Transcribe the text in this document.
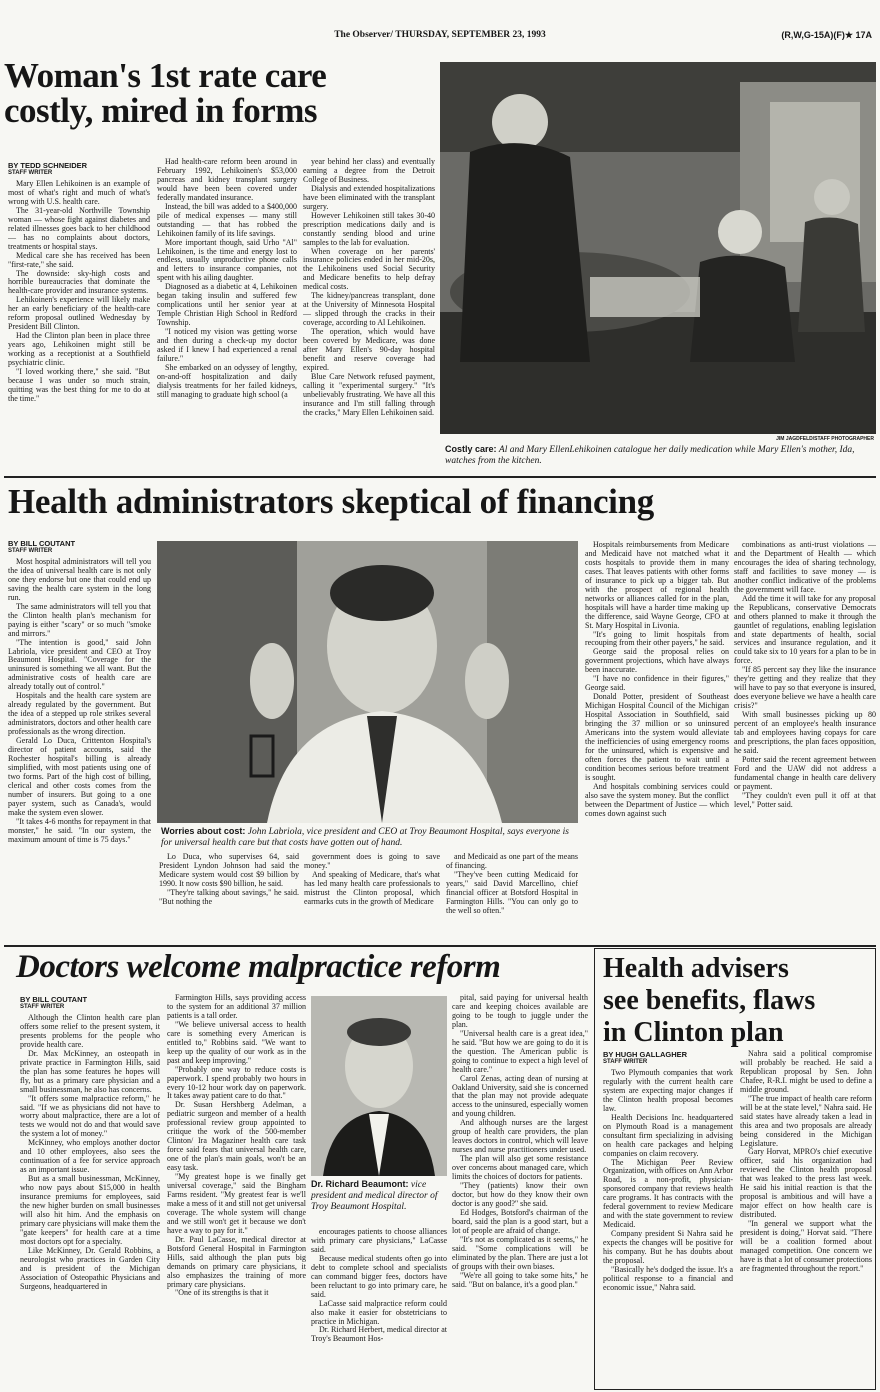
The Observer/ THURSDAY, SEPTEMBER 23, 1993	(R,W,G-15A)(F)★ 17A
Woman's 1st rate care
costly, mired in forms
BY TEDD SCHNEIDER
STAFF WRITER

Mary Ellen Lehikoinen is an example of most of what's right and much of what's wrong with U.S. health care.

The 31-year-old Northville Township woman — whose fight against diabetes and related illnesses goes back to her childhood — has no complaints about doctors, treatments or hospital stays.

Medical care she has received has been "first-rate," she said.

The downside: sky-high costs and horrible bureaucracies that dominate the health-care provider and insurance systems.

Lehikoinen's experience will likely make her an early beneficiary of the health-care reform proposal outlined Wednesday by President Bill Clinton.

Had the Clinton plan been in place three years ago, Lehikoinen might still be working as a receptionist at a Southfield psychiatric clinic.

"I loved working there," she said. "But because I was under so much strain, quitting was the best thing for me to do at the time."

Had health-care reform been around in February 1992, Lehikoinen's $53,000 pancreas and kidney transplant surgery would have been been covered under federally mandated insurance.

Instead, the bill was added to a $400,000 pile of medical expenses — many still outstanding — that has robbed the Lehikoinen family of its life savings.

More important though, said Urho "Al" Lehikoinen, is the time and energy lost to endless, usually unproductive phone calls and letters to insurance companies, not spent with his ailing daughter.

Diagnosed as a diabetic at 4, Lehikoinen began taking insulin and suffered few complications until her senior year at Temple Christian High School in Redford Township.

"I noticed my vision was getting worse and then during a check-up my doctor asked if I knew I had experienced a renal failure."

She embarked on an odyssey of lengthy, on-and-off hospitalization and daily dialysis treatments for her failed kidneys, still managing to graduate high school (a

year behind her class) and eventually earning a degree from the Detroit College of Business.

Dialysis and extended hospitalizations have been eliminated with the transplant surgery.

However Lehikoinen still takes 30-40 prescription medications daily and is constantly sending blood and urine samples to the lab for evaluation.

When coverage on her parents' insurance policies ended in her mid-20s, the Lehikoinens used Social Security and Medicare benefits to help defray medical costs.

The kidney/pancreas transplant, done at the University of Minnesota Hospital — slipped through the cracks in their coverage, according to Al Lehikoinen.

The operation, which would have been covered by Medicare, was done after Mary Ellen's 90-day hospital benefit and reserve coverage had expired.

Blue Care Network refused payment, calling it "experimental surgery." "It's unbelievably frustrating. We have all this insurance and I'm still falling through the cracks," Mary Ellen Lehikoinen said.

JIM JAGDFELD/STAFF PHOTOGRAPHER
Costly care: Al and Mary EllenLehikoinen catalogue her daily medication while Mary Ellen's mother, Ida, watches from the kitchen.
Health administrators skeptical of financing
BY BILL COUTANT
STAFF WRITER

Most hospital administrators will tell you the idea of universal health care is not only one they endorse but one that could end up saving the health care system in the long run.

The same administrators will tell you that the Clinton health plan's mechanism for paying is either "scary" or so much "smoke and mirrors."

"The intention is good," said John Labriola, vice president and CEO at Troy Beaumont Hospital. "Coverage for the uninsured is something we all want. But the administrative costs of health care are already totally out of control."

Hospitals and the health care system are already regulated by the government. But the idea of a stepped up role strikes several administrators, doctors and other health care professionals as the wrong direction.

Gerald Lo Duca, Crittenton Hospital's director of patient accounts, said the Rochester hospital's billing is already simplified, with most patients using one of two forms. Part of the high cost of billing, clerical and other costs comes from the number of insurers. But going to a one payer system, such as Canada's, would make the system even slower.

"It takes 4-6 months for repayment in that monster," he said. "In our system, the maximum amount of time is 75 days."

Worries about cost: John Labriola, vice president and CEO at Troy Beaumont Hospital, says everyone is for universal health care but that costs have gotten out of hand.

Lo Duca, who supervises 64, said President Lyndon Johnson had said the Medicare system would cost $9 billion by 1990. It now costs $90 billion, he said.

"They're talking about savings," he said. "But nothing the

government does is going to save money."

And speaking of Medicare, that's what has led many health care professionals to mistrust the Clinton proposal, which earmarks cuts in the growth of Medicare

and Medicaid as one part of the means of financing.

"They've been cutting Medicaid for years," said David Marcellino, chief financial officer at Botsford Hospital in Farmington Hills. "You can only go to the well so often."

Hospitals reimbursements from Medicare and Medicaid have not matched what it costs hospitals to provide them in many cases. That leaves patients with other forms of insurance to pick up a bigger tab. But with the prospect of regional health networks or alliances called for in the plan, hospitals will have a harder time making up the difference, said Wayne George, CFO at St. Mary Hospital in Livonia.

"It's going to limit hospitals from recouping from their other payers," he said.

George said the proposal relies on government projections, which have always been inaccurate.

"I have no confidence in their figures," George said.

Donald Potter, president of Southeast Michigan Hospital Council of the Michigan Hospital Association in Southfield, said bringing the 37 million or so uninsured Americans into the system would alleviate the inefficiencies of using emergency rooms for the uninsured, which is expensive and often forces the patient to wait until a condition becomes serious before treatment is sought.

And hospitals combining services could also save the system money. But the conflict between the Department of Justice — which comes down against such

combinations as anti-trust violations — and the Department of Health — which encourages the idea of sharing technology, staff and facilities to save money — is another conflict indicative of the problems the government will face.

Add the time it will take for any proposal the Republicans, conservative Democrats and others planned to make it through the gauntlet of regulations, enabling legislation and state departments of health, social services and insurance regulation, and it could take six to 10 years for a plan to be in force.

"If 85 percent say they like the insurance they're getting and they realize that they will have to pay so that everyone is insured, does everyone believe we have a health care crisis?"

With small businesses picking up 80 percent of an employee's health insurance tab and employees having copays for care and prescriptions, the plan faces opposition, he said.

Potter said the recent agreement between Ford and the UAW did not address a fundamental change in health care delivery or payment.

"They couldn't even pull it off at that level," Potter said.

Doctors welcome malpractice reform
BY BILL COUTANT
STAFF WRITER

Although the Clinton health care plan offers some relief to the present system, it presents problems for the people who provide health care.

Dr. Max McKinney, an osteopath in private practice in Farmington Hills, said the plan has some features he hopes will fly, but as a primary care physician and a small businessman, he also has concerns.

"It offers some malpractice reform," he said. "If we as physicians did not have to worry about malpractice, there are a lot of tests we would not do and that would save the system a lot of money."

McKinney, who employs another doctor and 10 other employees, also sees the continuation of a fee for service approach as an important issue.

But as a small businessman, McKinney, who now pays about $15,000 in health insurance premiums for employees, said the new higher burden on small businesses will also hit him. And the emphasis on primary care physicians will make them the "gate keepers" for health care at a time most doctors opt for a specialty.

Like McKinney, Dr. Gerald Robbins, a neurologist who practices in Garden City and is president of the Michigan Association of Osteopathic Physicians and Surgeons, headquartered in

Farmington Hills, says providing access to the system for an additional 37 million patients is a tall order.

"We believe universal access to health care is something every American is entitled to," Robbins said. "We want to keep up the quality of our work as in the past and keep improving."

"Probably one way to reduce costs is paperwork. I spend probably two hours in every 10-12 hour work day on paperwork. It takes away patient care to do that."

Dr. Susan Hershberg Adelman, a pediatric surgeon and member of a health professional review group appointed to critique the work of the 500-member Clinton/ Ira Magaziner health care task force said fears that universal health care, one of the plan's main goals, won't be an easy task.

"My greatest hope is we finally get universal coverage," said the Bingham Farms resident. "My greatest fear is we'll make a mess of it and still not get universal coverage. The whole system will change and we still won't get it because we don't have a way to pay for it."

Dr. Paul LaCasse, medical director at Botsford General Hospital in Farmington Hills, said although the plan puts big demands on primary care physicians, it also emphasizes the training of more primary care physicians.

"One of its strengths is that it

Dr. Richard Beaumont: vice president and medical director of Troy Beaumont Hospital.

encourages patients to choose alliances with primary care physicians," LaCasse said.

Because medical students often go into debt to complete school and specialists can command bigger fees, doctors have been reluctant to go into primary care, he said.

LaCasse said malpractice reform could also make it easier for obstetricians to practice in Michigan.

Dr. Richard Herbert, medical director at Troy's Beaumont Hos-

pital, said paying for universal health care and keeping choices available are going to be tough to juggle under the plan.

"Universal health care is a great idea," he said. "But how we are going to do it is the question. The American public is going to continue to expect a high level of health care."

Carol Zenas, acting dean of nursing at Oakland University, said she is concerned that the plan may not provide adequate access to the uninsured, especially women and young children.

And although nurses are the largest group of health care providers, the plan leaves doctors in control, which will leave nurses and nurse practitioners under used.

The plan will also get some resistance over concerns about managed care, which limits the choices of doctors for patients.

"They (patients) know their own doctor, but how do they know their own doctor is any good?" she said.

Ed Hodges, Botsford's chairman of the board, said the plan is a good start, but a lot of people are afraid of change.

"It's not as complicated as it seems," he said. "Some complications will be eliminated by the plan. There are just a lot of groups with their own biases.

"We're all going to take some hits," he said. "But on balance, it's a good plan."

Health advisers
see benefits, flaws
in Clinton plan
BY HUGH GALLAGHER
STAFF WRITER

Two Plymouth companies that work regularly with the current health care system are expecting major changes if the Clinton health proposal becomes law.

Health Decisions Inc. headquartered on Plymouth Road is a management consultant firm specializing in advising on health care packages and helping companies on claim recovery.

The Michigan Peer Review Organization, with offices on Ann Arbor Road, is a non-profit, physician-sponsored company that reviews health care programs. It has contracts with the federal government to review Medicare and with the state government to review Medicaid.

Company president Si Nahra said he expects the changes will be positive for his company. But he has doubts about the proposal.

"Basically he's dodged the issue. It's a political response to a financial and economic issue," Nahra said.

Nahra said a political compromise will probably be reached. He said a Republican proposal by Sen. John Chafee, R-R.I. might be used to define a middle ground.

"The true impact of health care reform will be at the state level," Nahra said. He said states have already taken a lead in this area and two proposals are already being considered in the Michigan Legislature.

Gary Horvat, MPRO's chief executive officer, said his organization had reviewed the Clinton health proposal that was leaked to the press last week. He said his initial reaction is that the proposal is ambitious and will have a major effect on how health care is distributed.

"In general we support what the president is doing," Horvat said. "There will be a coalition formed about managed competition. One concern we have is that a lot of consumer protections are fragmented throughout the report."
